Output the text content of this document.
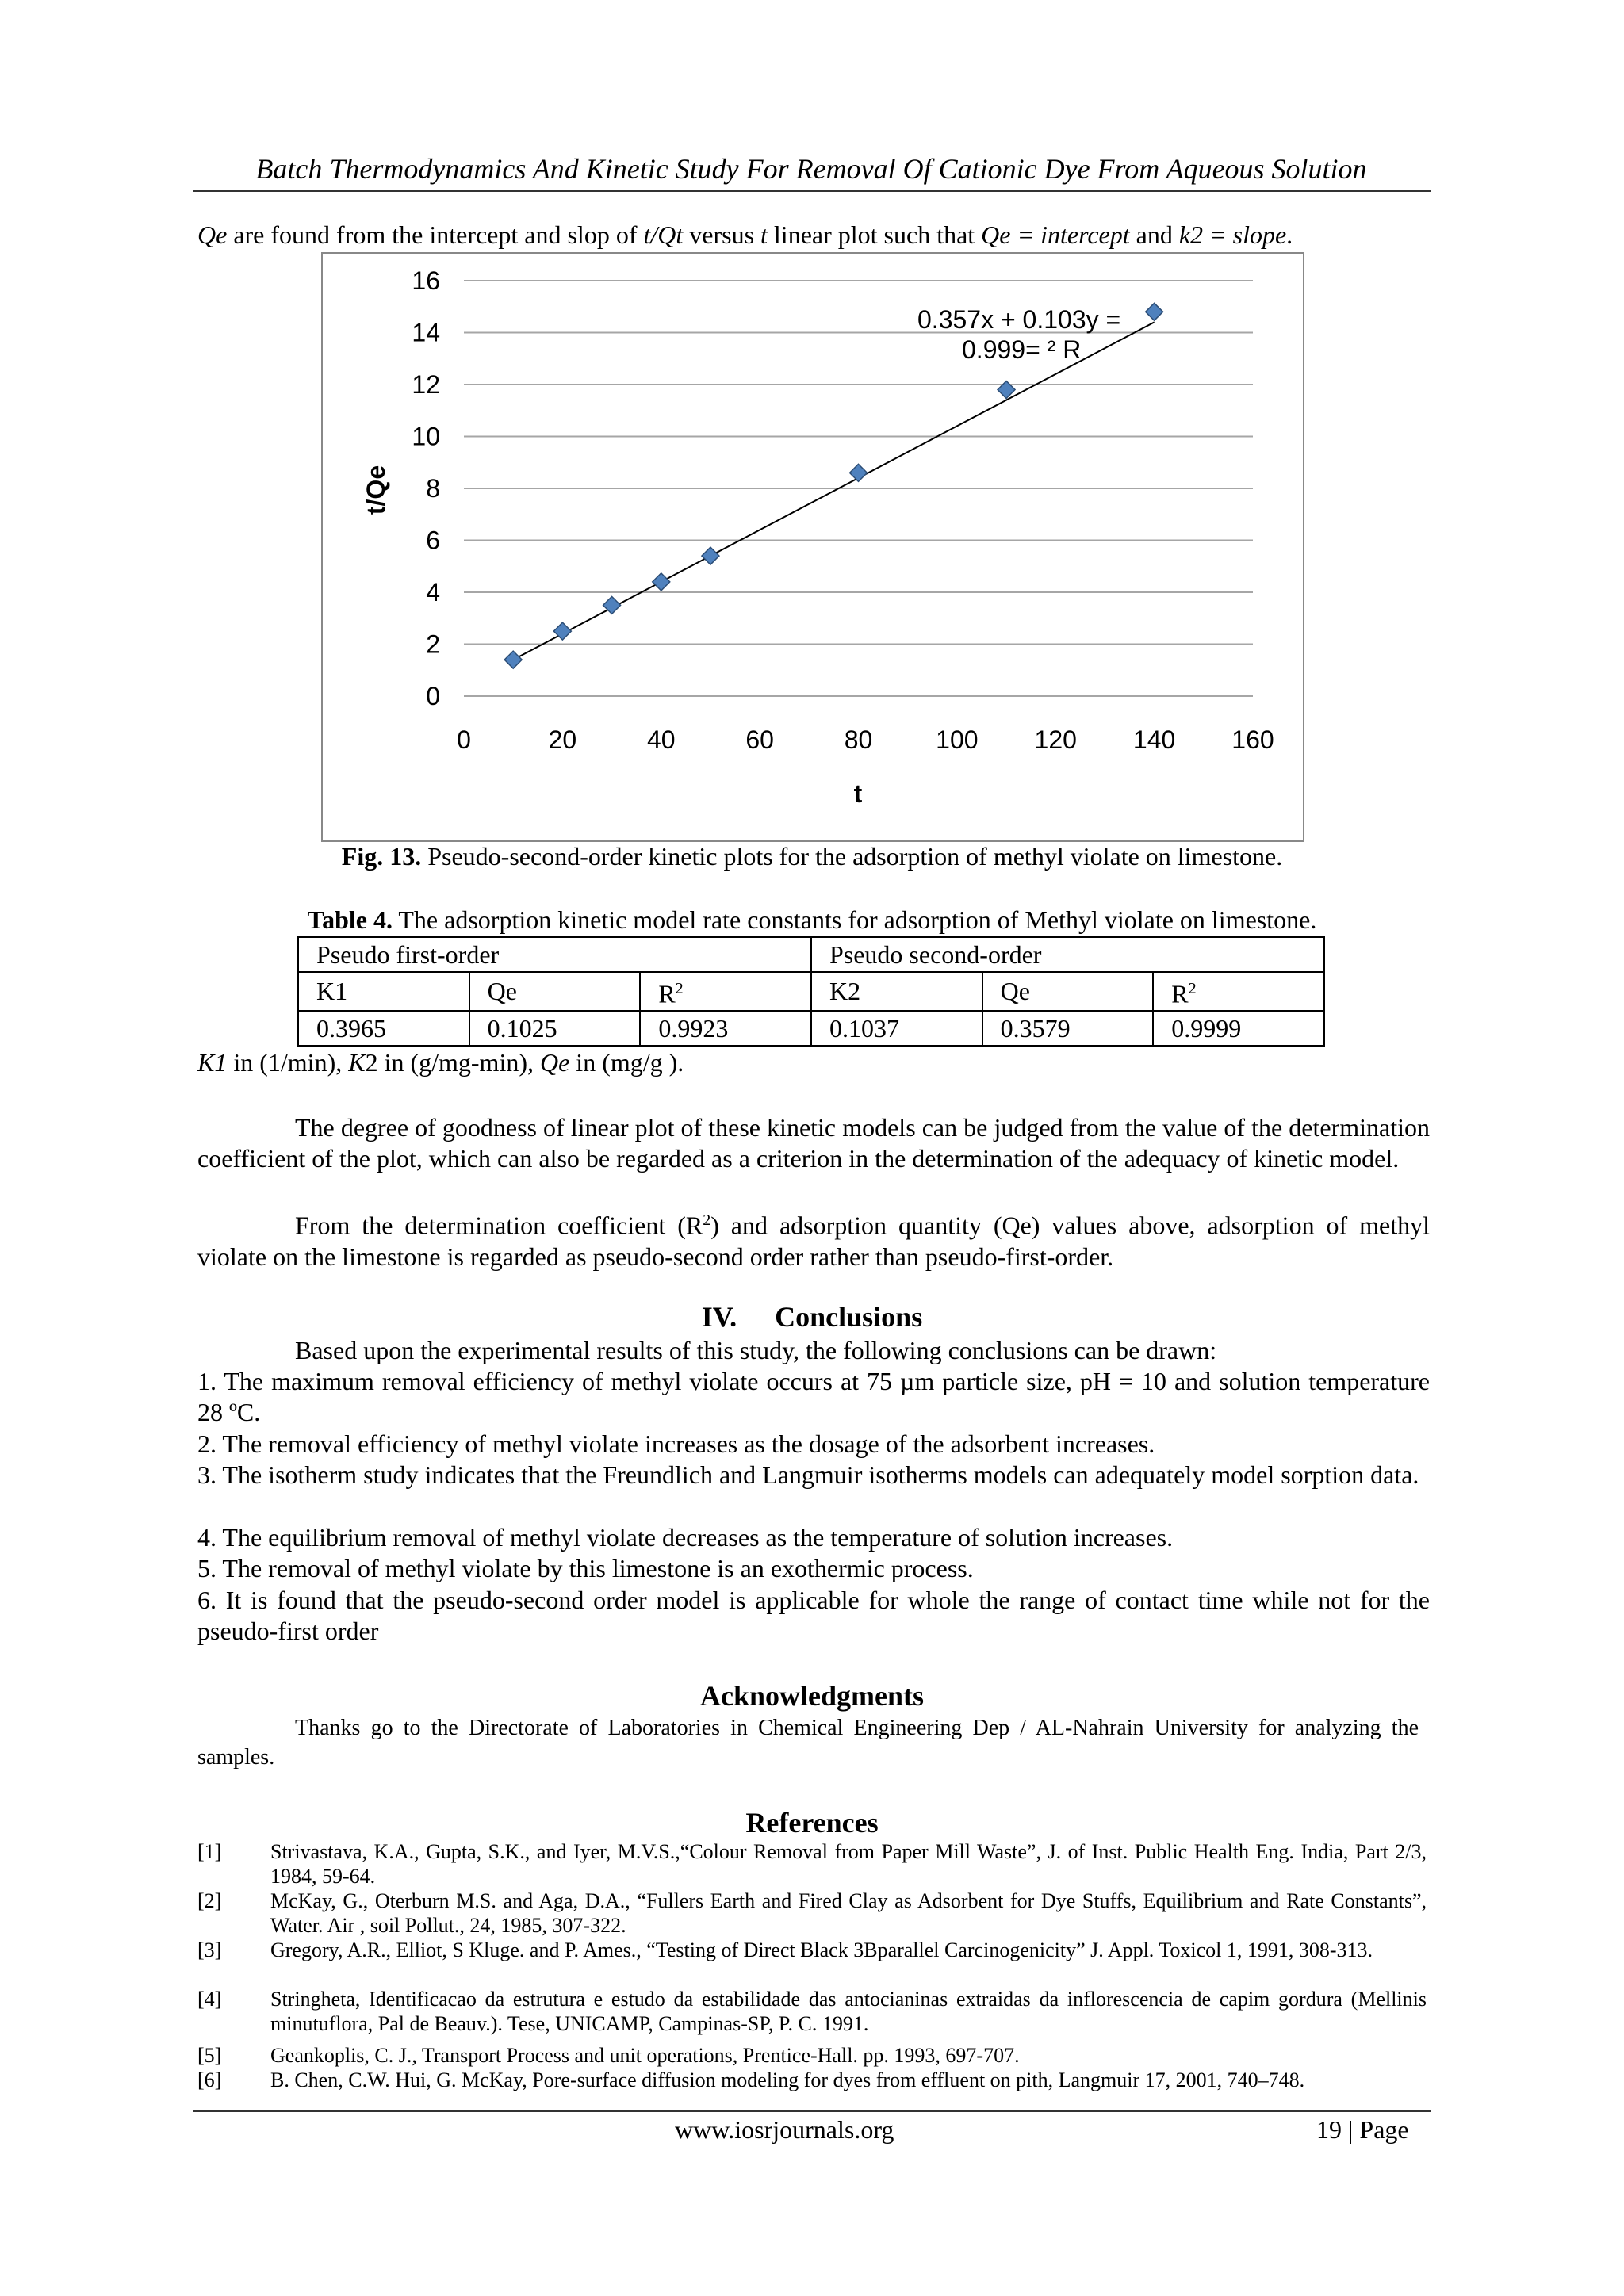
Batch Thermodynamics And Kinetic Study For Removal Of Cationic Dye From Aqueous Solution
Qe are found from the intercept and slop of t/Qt versus t linear plot such that Qe = intercept and k2 = slope.
0
2
4
6
8
10
12
14
16
0	20	40	60	80 100 120 140 160
t
t/Qe
0.357x + 0.103y =
0.999= ² R
Fig. 13. Pseudo-second-order kinetic plots for the adsorption of methyl violate on limestone.
Table 4. The adsorption kinetic model rate constants for adsorption of Methyl violate on limestone.
Pseudo first-order			Pseudo second-order		
K1	Qe	$R^2$	K2	Qe	$R^2$
0.3965	0.1025	0.9923	0.1037	0.3579	0.9999
K1 in (1/min), K2 in (g/mg-min), Qe in (mg/g ).
The degree of goodness of linear plot of these kinetic models can be judged from the value of the determination coefficient of the plot, which can also be regarded as a criterion in the determination of the adequacy of kinetic model.
From the determination coefficient $(R^2)$ and adsorption quantity (Qe) values above, adsorption of methyl violate on the limestone is regarded as pseudo-second order rather than pseudo-first-order.
IV. Conclusions
Based upon the experimental results of this study, the following conclusions can be drawn:
1. The maximum removal efficiency of methyl violate occurs at 75 µm particle size, pH = 10 and solution temperature 28 ºC.
2. The removal efficiency of methyl violate increases as the dosage of the adsorbent increases.
3. The isotherm study indicates that the Freundlich and Langmuir isotherms models can adequately model sorption data.
4. The equilibrium removal of methyl violate decreases as the temperature of solution increases.
5. The removal of methyl violate by this limestone is an exothermic process.
6. It is found that the pseudo-second order model is applicable for whole the range of contact time while not for the pseudo-first order
Acknowledgments
Thanks go to the Directorate of Laboratories in Chemical Engineering Dep / AL-Nahrain University for analyzing the samples.
References
[1]	Strivastava, K.A., Gupta, S.K., and Iyer, M.V.S.,“Colour Removal from Paper Mill Waste”, J. of Inst. Public Health Eng. India, Part 2/3, 1984, 59-64.
[2]	McKay, G., Oterburn M.S. and Aga, D.A., “Fullers Earth and Fired Clay as Adsorbent for Dye Stuffs, Equilibrium and Rate Constants”, Water. Air , soil Pollut., 24, 1985, 307-322.
[3]	Gregory, A.R., Elliot, S Kluge. and P. Ames., “Testing of Direct Black 3Bparallel Carcinogenicity” J. Appl. Toxicol 1, 1991, 308-313.
[4]	Stringheta, Identificacao da estrutura e estudo da estabilidade das antocianinas extraidas da inflorescencia de capim gordura (Mellinis minutuflora, Pal de Beauv.). Tese, UNICAMP, Campinas-SP, P. C. 1991.
[5]	Geankoplis, C. J., Transport Process and unit operations, Prentice-Hall. pp. 1993, 697-707.
[6]	B. Chen, C.W. Hui, G. McKay, Pore-surface diffusion modeling for dyes from effluent on pith, Langmuir 17, 2001, 740–748.
www.iosrjournals.org	19 | Page
